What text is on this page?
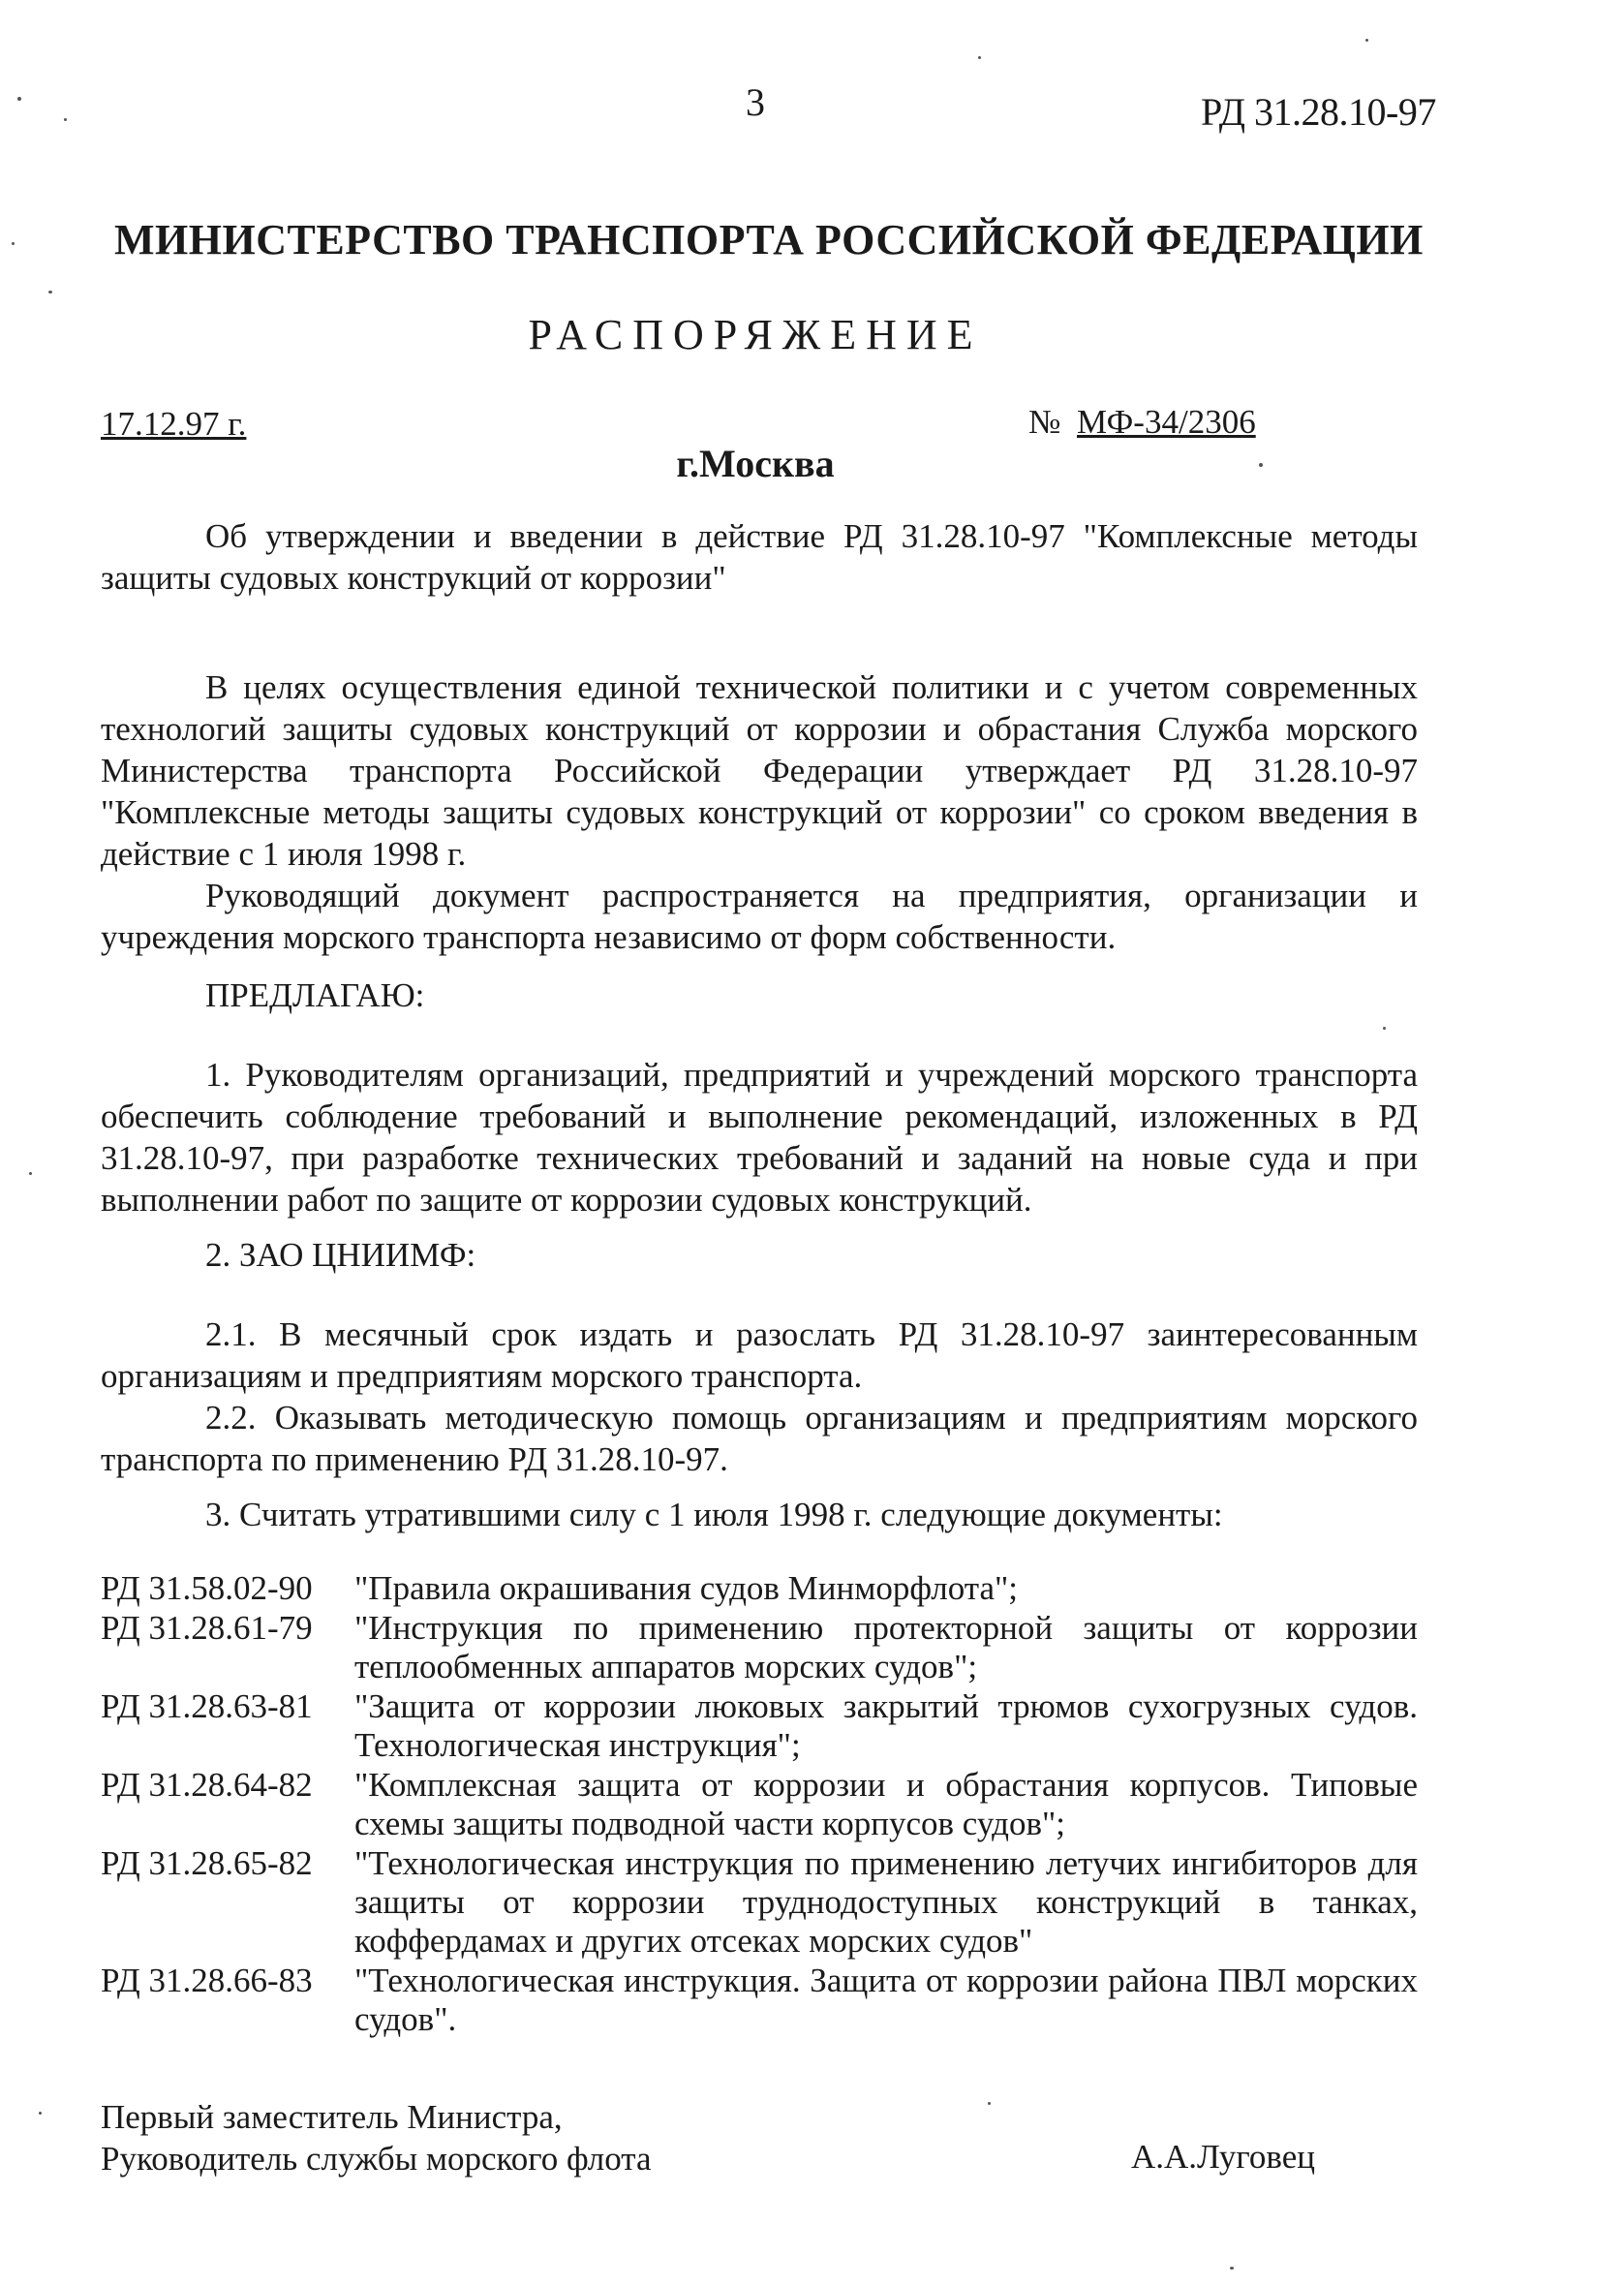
3	РД 31.28.10-97
МИНИСТЕРСТВО ТРАНСПОРТА РОССИЙСКОЙ ФЕДЕРАЦИИ
РАСПОРЯЖЕНИЕ
17.12.97 г.	№ МФ-34/2306
г.Москва

Об утверждении и введении в действие РД 31.28.10-97 "Комплексные методы защиты судовых конструкций от коррозии"

В целях осуществления единой технической политики и с учетом современных технологий защиты судовых конструкций от коррозии и обрастания Служба морского Министерства транспорта Российской Федерации утверждает РД 31.28.10-97 "Комплексные методы защиты судовых конструкций от коррозии" со сроком введения в действие с 1 июля 1998 г.

Руководящий документ распространяется на предприятия, организации и учреждения морского транспорта независимо от форм собственности.

ПРЕДЛАГАЮ:

1. Руководителям организаций, предприятий и учреждений морского транспорта обеспечить соблюдение требований и выполнение рекомендаций, изложенных в РД 31.28.10-97, при разработке технических требований и заданий на новые суда и при выполнении работ по защите от коррозии судовых конструкций.

2. ЗАО ЦНИИМФ:

2.1. В месячный срок издать и разослать РД 31.28.10-97 заинтересованным организациям и предприятиям морского транспорта.

2.2. Оказывать методическую помощь организациям и предприятиям морского транспорта по применению РД 31.28.10-97.

3. Считать утратившими силу с 1 июля 1998 г. следующие документы:
РД 31.58.02-90	"Правила окрашивания судов Минморфлота";
РД 31.28.61-79	"Инструкция по применению протекторной защиты от коррозии теплообменных аппаратов морских судов";
РД 31.28.63-81	"Защита от коррозии люковых закрытий трюмов сухогрузных судов. Технологическая инструкция";
РД 31.28.64-82	"Комплексная защита от коррозии и обрастания корпусов. Типовые схемы защиты подводной части корпусов судов";
РД 31.28.65-82	"Технологическая инструкция по применению летучих ингибиторов для защиты от коррозии труднодоступных конструкций в танках, коффердамах и других отсеках морских судов"
РД 31.28.66-83	"Технологическая инструкция. Защита от коррозии района ПВЛ морских судов".
Первый заместитель Министра,
Руководитель службы морского флота	А.А.Луговец
